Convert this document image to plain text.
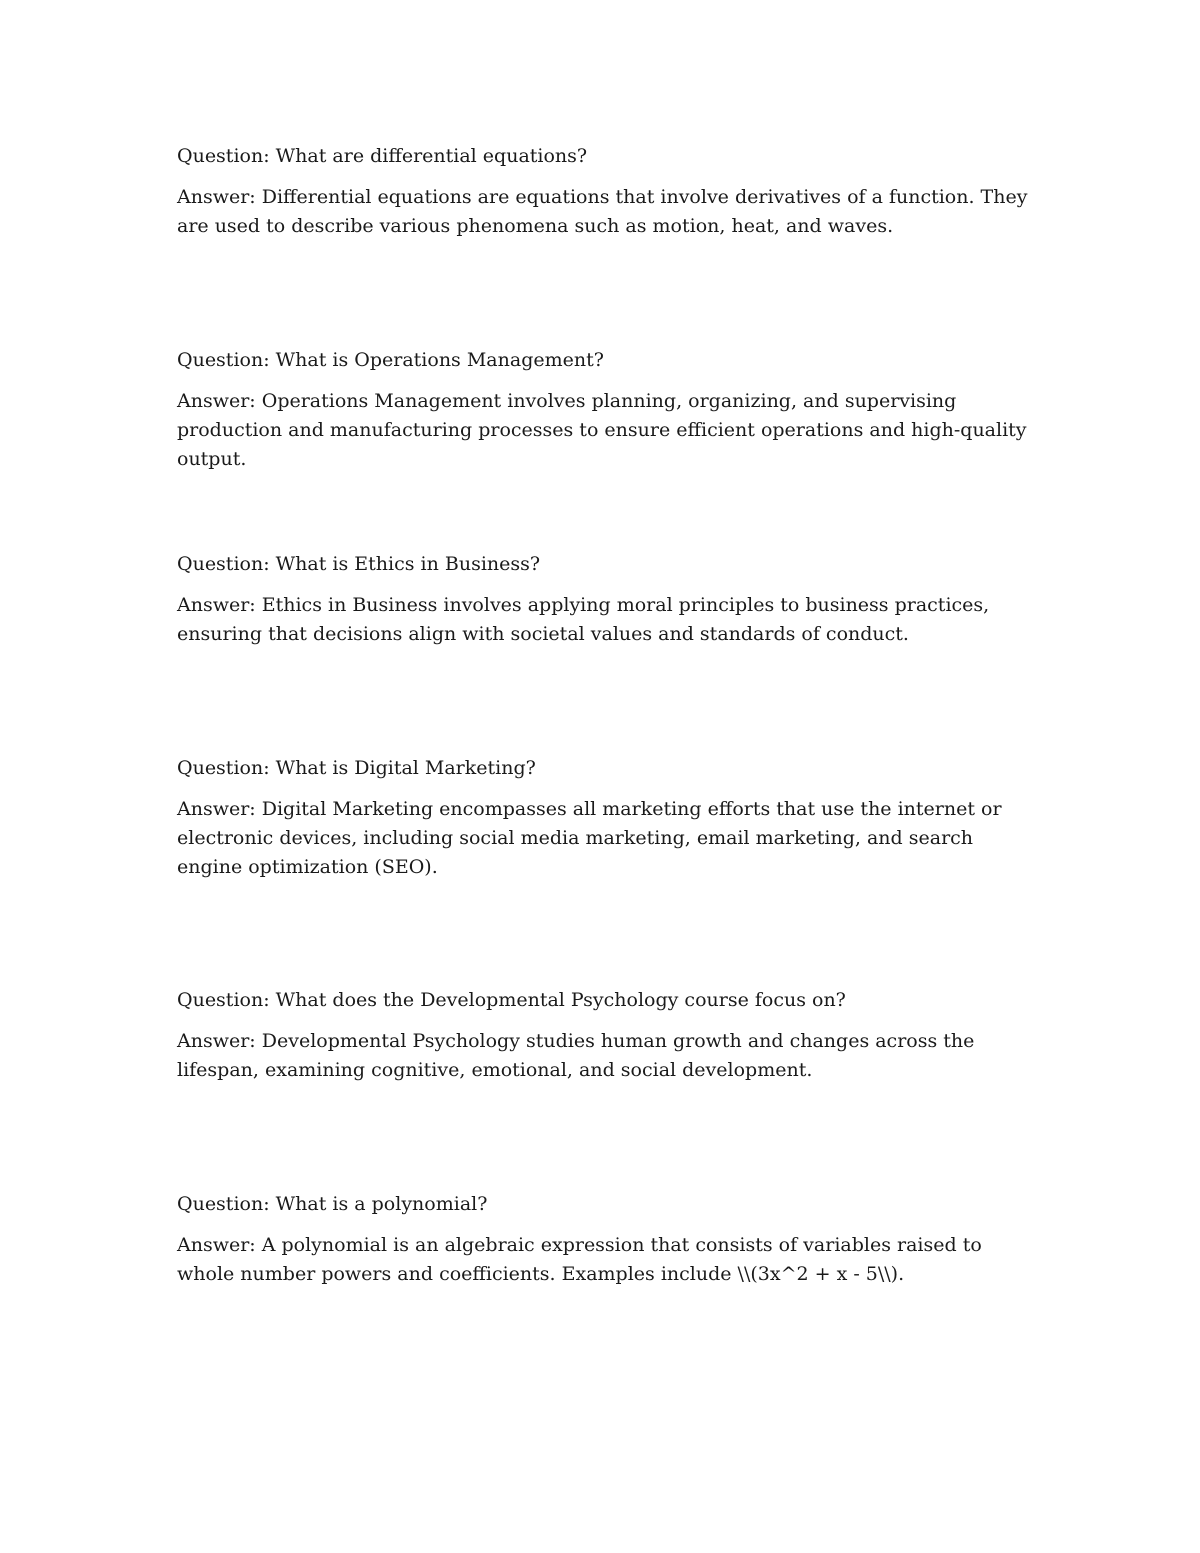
Question: What are differential equations?

Answer: Differential equations are equations that involve derivatives of a function. They are used to describe various phenomena such as motion, heat, and waves.

Question: What is Operations Management?

Answer: Operations Management involves planning, organizing, and supervising production and manufacturing processes to ensure efficient operations and high-quality output.

Question: What is Ethics in Business?

Answer: Ethics in Business involves applying moral principles to business practices, ensuring that decisions align with societal values and standards of conduct.

Question: What is Digital Marketing?

Answer: Digital Marketing encompasses all marketing efforts that use the internet or electronic devices, including social media marketing, email marketing, and search engine optimization (SEO).

Question: What does the Developmental Psychology course focus on?

Answer: Developmental Psychology studies human growth and changes across the lifespan, examining cognitive, emotional, and social development.

Question: What is a polynomial?

Answer: A polynomial is an algebraic expression that consists of variables raised to whole number powers and coefficients. Examples include \\(3x^2 + x - 5\\).
